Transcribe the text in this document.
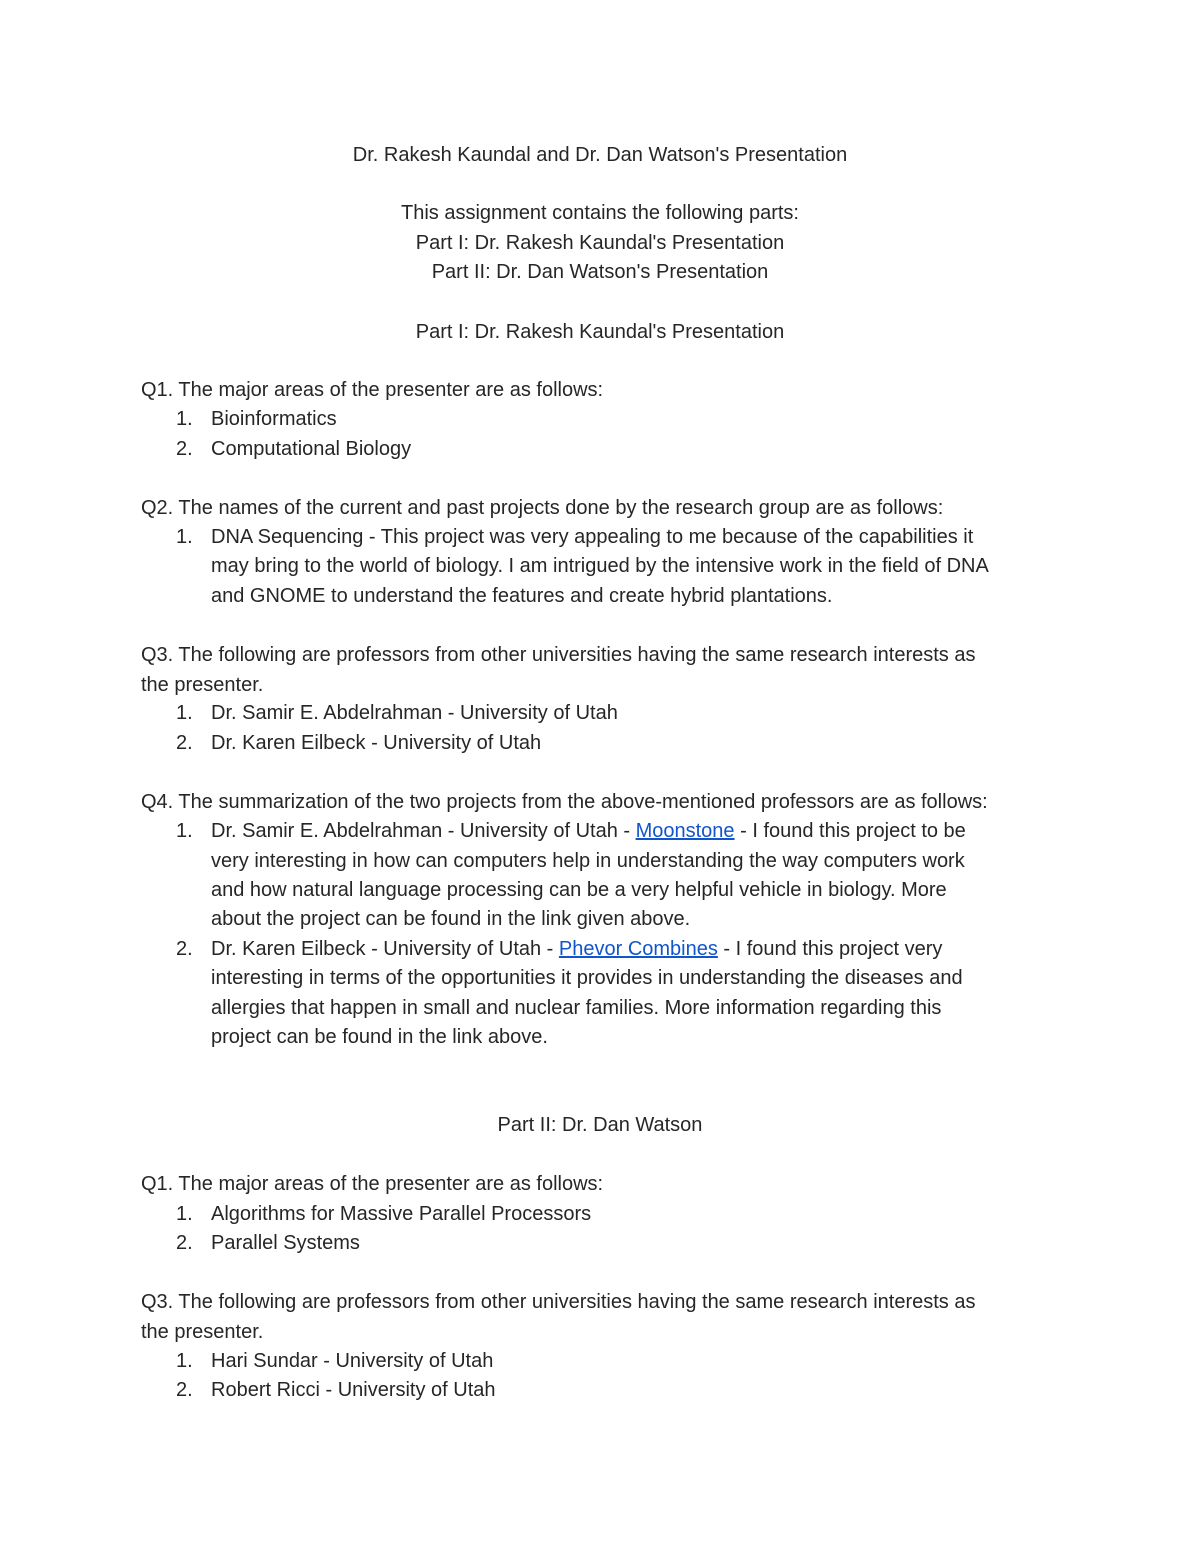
Dr. Rakesh Kaundal and Dr. Dan Watson's Presentation
This assignment contains the following parts:
Part I: Dr. Rakesh Kaundal's Presentation
Part II: Dr. Dan Watson's Presentation
Part I: Dr. Rakesh Kaundal's Presentation
Q1. The major areas of the presenter are as follows:
1. Bioinformatics
2. Computational Biology
Q2. The names of the current and past projects done by the research group are as follows:
1. DNA Sequencing - This project was very appealing to me because of the capabilities it
may bring to the world of biology. I am intrigued by the intensive work in the field of DNA
and GNOME to understand the features and create hybrid plantations.
Q3. The following are professors from other universities having the same research interests as
the presenter.
1. Dr. Samir E. Abdelrahman - University of Utah
2. Dr. Karen Eilbeck - University of Utah
Q4. The summarization of the two projects from the above-mentioned professors are as follows:
1. Dr. Samir E. Abdelrahman - University of Utah - Moonstone - I found this project to be
very interesting in how can computers help in understanding the way computers work
and how natural language processing can be a very helpful vehicle in biology. More
about the project can be found in the link given above.
2. Dr. Karen Eilbeck - University of Utah - Phevor Combines - I found this project very
interesting in terms of the opportunities it provides in understanding the diseases and
allergies that happen in small and nuclear families. More information regarding this
project can be found in the link above.
Part II: Dr. Dan Watson
Q1. The major areas of the presenter are as follows:
1. Algorithms for Massive Parallel Processors
2. Parallel Systems
Q3. The following are professors from other universities having the same research interests as
the presenter.
1. Hari Sundar - University of Utah
2. Robert Ricci - University of Utah
